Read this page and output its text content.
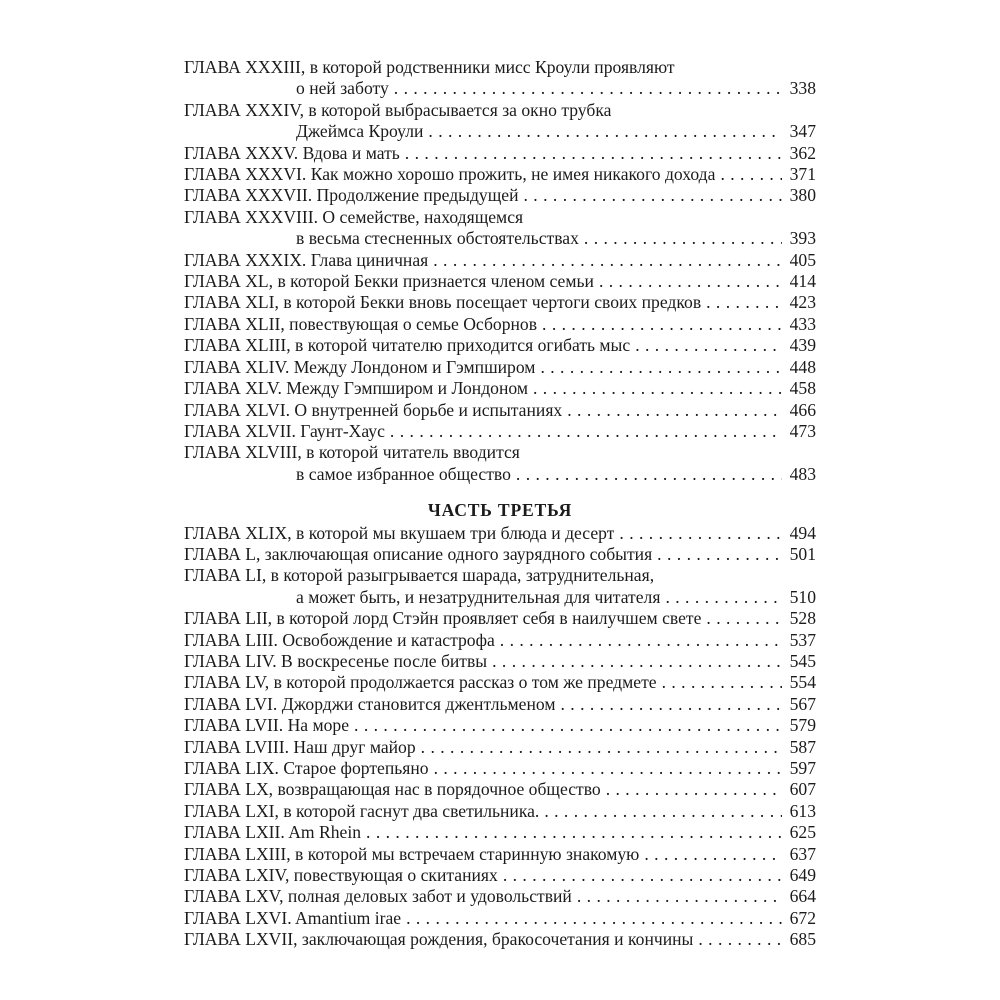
ГЛАВА XXXIII, в которой родственники мисс Кроули проявляют
о ней заботу .....	338
ГЛАВА XXXIV, в которой выбрасывается за окно трубка
Джеймса Кроули .....	347
ГЛАВА XXXV. Вдова и мать .....	362
ГЛАВА XXXVI. Как можно хорошо прожить, не имея никакого дохода .....	371
ГЛАВА XXXVII. Продолжение предыдущей .....	380
ГЛАВА XXXVIII. О семействе, находящемся
в весьма стесненных обстоятельствах .....	393
ГЛАВА XXXIX. Глава циничная .....	405
ГЛАВА XL, в которой Бекки признается членом семьи .....	414
ГЛАВА XLI, в которой Бекки вновь посещает чертоги своих предков .....	423
ГЛАВА XLII, повествующая о семье Осборнов .....	433
ГЛАВА XLIII, в которой читателю приходится огибать мыс .....	439
ГЛАВА XLIV. Между Лондоном и Гэмпширом .....	448
ГЛАВА XLV. Между Гэмпширом и Лондоном .....	458
ГЛАВА XLVI. О внутренней борьбе и испытаниях .....	466
ГЛАВА XLVII. Гаунт-Хаус .....	473
ГЛАВА XLVIII, в которой читатель вводится
в самое избранное общество .....	483
ЧАСТЬ ТРЕТЬЯ
ГЛАВА XLIX, в которой мы вкушаем три блюда и десерт .....	494
ГЛАВА L, заключающая описание одного заурядного события .....	501
ГЛАВА LI, в которой разыгрывается шарада, затруднительная,
а может быть, и незатруднительная для читателя .....	510
ГЛАВА LII, в которой лорд Стэйн проявляет себя в наилучшем свете .....	528
ГЛАВА LIII. Освобождение и катастрофа .....	537
ГЛАВА LIV. В воскресенье после битвы .....	545
ГЛАВА LV, в которой продолжается рассказ о том же предмете .....	554
ГЛАВА LVI. Джорджи становится джентльменом .....	567
ГЛАВА LVII. На море .....	579
ГЛАВА LVIII. Наш друг майор .....	587
ГЛАВА LIX. Старое фортепьяно .....	597
ГЛАВА LX, возвращающая нас в порядочное общество .....	607
ГЛАВА LXI, в которой гаснут два светильника. .....	613
ГЛАВА LXII. Am Rhein .....	625
ГЛАВА LXIII, в которой мы встречаем старинную знакомую .....	637
ГЛАВА LXIV, повествующая о скитаниях .....	649
ГЛАВА LXV, полная деловых забот и удовольствий .....	664
ГЛАВА LXVI. Amantium irae .....	672
ГЛАВА LXVII, заключающая рождения, бракосочетания и кончины .....	685
